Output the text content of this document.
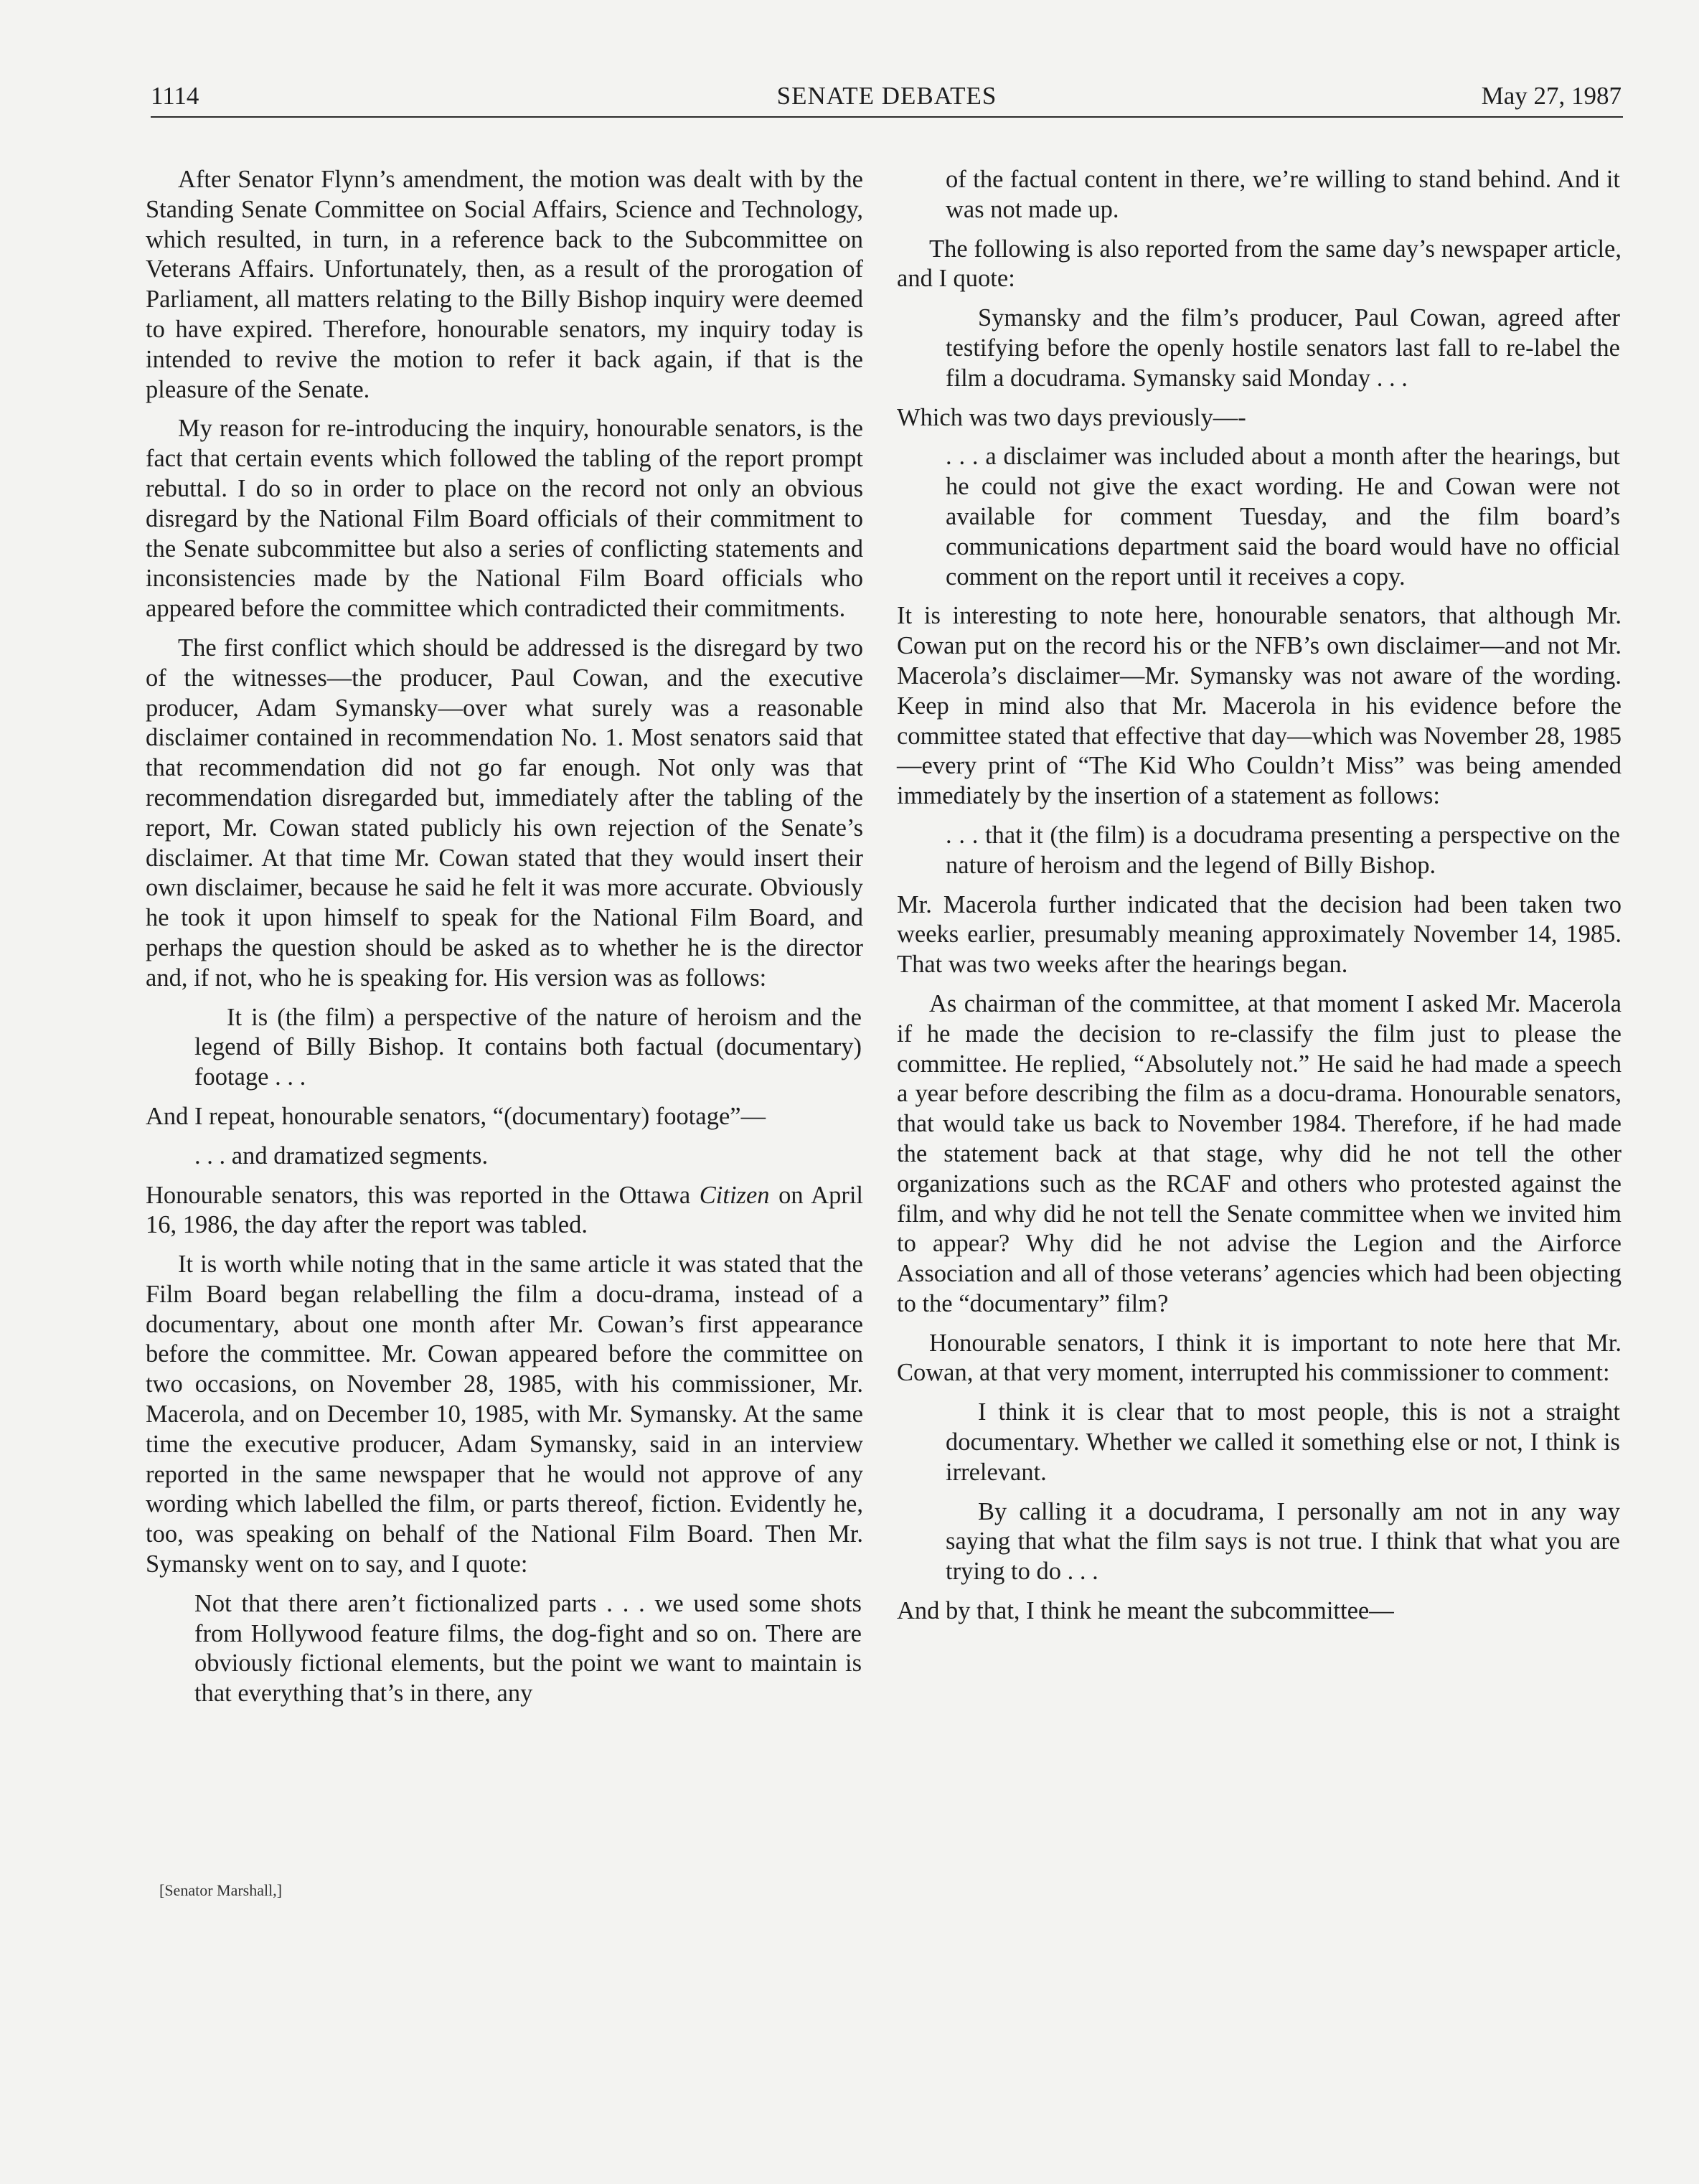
SENATE DEBATES
1114	May 27, 1987

After Senator Flynn’s amendment, the motion was dealt with by the Standing Senate Committee on Social Affairs, Science and Technology, which resulted, in turn, in a reference back to the Subcommittee on Veterans Affairs. Unfortunately, then, as a result of the prorogation of Parliament, all matters relating to the Billy Bishop inquiry were deemed to have expired. Therefore, honourable senators, my inquiry today is intended to revive the motion to refer it back again, if that is the pleasure of the Senate.

My reason for re-introducing the inquiry, honourable senators, is the fact that certain events which followed the tabling of the report prompt rebuttal. I do so in order to place on the record not only an obvious disregard by the National Film Board officials of their commitment to the Senate subcommittee but also a series of conflicting statements and inconsistencies made by the National Film Board officials who appeared before the committee which contradicted their commitments.

The first conflict which should be addressed is the disregard by two of the witnesses—the producer, Paul Cowan, and the executive producer, Adam Symansky—over what surely was a reasonable disclaimer contained in recommendation No. 1. Most senators said that that recommendation did not go far enough. Not only was that recommendation disregarded but, immediately after the tabling of the report, Mr. Cowan stated publicly his own rejection of the Senate’s disclaimer. At that time Mr. Cowan stated that they would insert their own disclaimer, because he said he felt it was more accurate. Obviously he took it upon himself to speak for the National Film Board, and perhaps the question should be asked as to whether he is the director and, if not, who he is speaking for. His version was as follows:

It is (the film) a perspective of the nature of heroism and the legend of Billy Bishop. It contains both factual (documentary) footage . . .

And I repeat, honourable senators, “(documentary) footage”—

. . . and dramatized segments.

Honourable senators, this was reported in the Ottawa Citizen on April 16, 1986, the day after the report was tabled.

It is worth while noting that in the same article it was stated that the Film Board began relabelling the film a docu-drama, instead of a documentary, about one month after Mr. Cowan’s first appearance before the committee. Mr. Cowan appeared before the committee on two occasions, on November 28, 1985, with his commissioner, Mr. Macerola, and on December 10, 1985, with Mr. Symansky. At the same time the executive producer, Adam Symansky, said in an interview reported in the same newspaper that he would not approve of any wording which labelled the film, or parts thereof, fiction. Evidently he, too, was speaking on behalf of the National Film Board. Then Mr. Symansky went on to say, and I quote:

Not that there aren’t fictionalized parts . . . we used some shots from Hollywood feature films, the dog-fight and so on. There are obviously fictional elements, but the point we want to maintain is that everything that’s in there, any

of the factual content in there, we’re willing to stand behind. And it was not made up.

The following is also reported from the same day’s newspaper article, and I quote:

Symansky and the film’s producer, Paul Cowan, agreed after testifying before the openly hostile senators last fall to re-label the film a docudrama. Symansky said Monday . . .

Which was two days previously—-

. . . a disclaimer was included about a month after the hearings, but he could not give the exact wording. He and Cowan were not available for comment Tuesday, and the film board’s communications department said the board would have no official comment on the report until it receives a copy.

It is interesting to note here, honourable senators, that although Mr. Cowan put on the record his or the NFB’s own disclaimer—and not Mr. Macerola’s disclaimer—Mr. Symansky was not aware of the wording. Keep in mind also that Mr. Macerola in his evidence before the committee stated that effective that day—which was November 28, 1985—every print of “The Kid Who Couldn’t Miss” was being amended immediately by the insertion of a statement as follows:

. . . that it (the film) is a docudrama presenting a perspective on the nature of heroism and the legend of Billy Bishop.

Mr. Macerola further indicated that the decision had been taken two weeks earlier, presumably meaning approximately November 14, 1985. That was two weeks after the hearings began.

As chairman of the committee, at that moment I asked Mr. Macerola if he made the decision to re-classify the film just to please the committee. He replied, “Absolutely not.” He said he had made a speech a year before describing the film as a docu-drama. Honourable senators, that would take us back to November 1984. Therefore, if he had made the statement back at that stage, why did he not tell the other organizations such as the RCAF and others who protested against the film, and why did he not tell the Senate committee when we invited him to appear? Why did he not advise the Legion and the Airforce Association and all of those veterans’ agencies which had been objecting to the “documentary” film?

Honourable senators, I think it is important to note here that Mr. Cowan, at that very moment, interrupted his commissioner to comment:

I think it is clear that to most people, this is not a straight documentary. Whether we called it something else or not, I think is irrelevant.

By calling it a docudrama, I personally am not in any way saying that what the film says is not true. I think that what you are trying to do . . .

And by that, I think he meant the subcommittee—

[Senator Marshall,]
